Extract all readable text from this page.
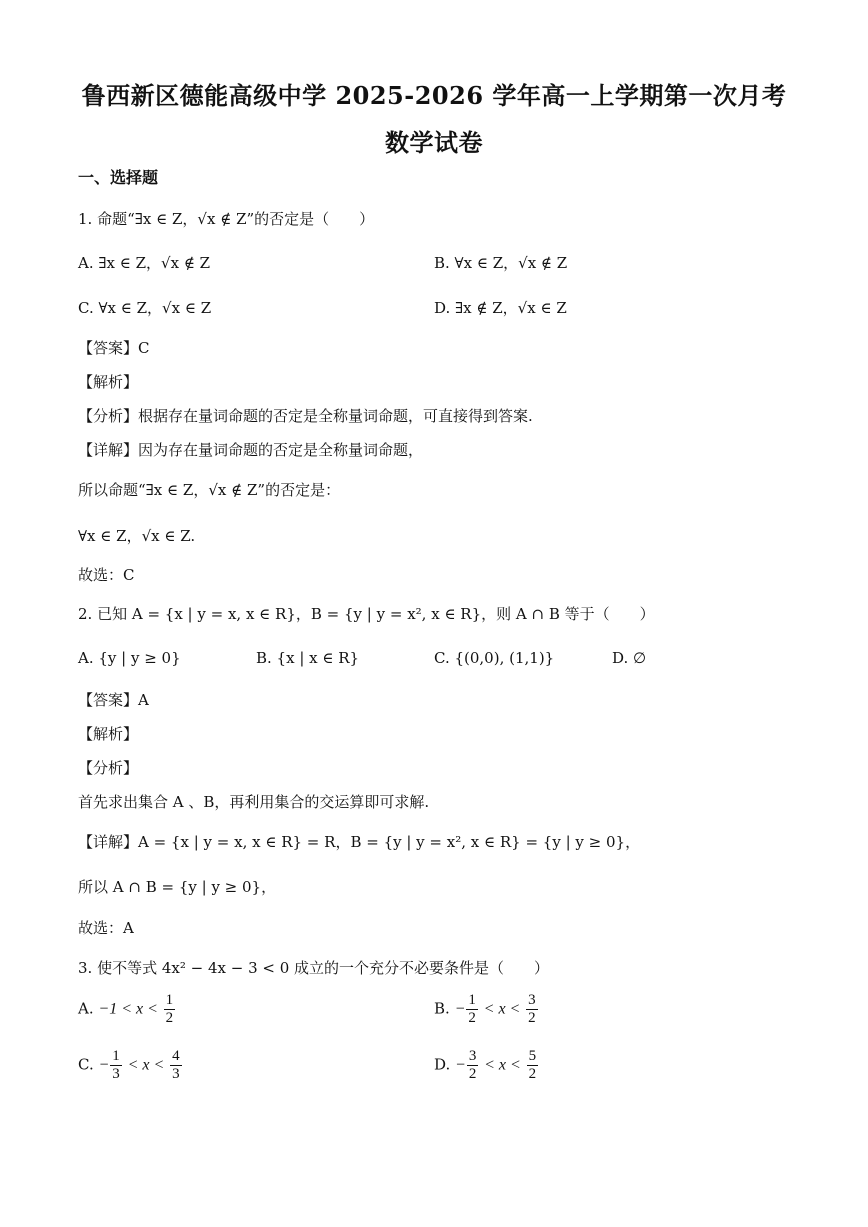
鲁西新区德能高级中学 2025-2026 学年高一上学期第一次月考
数学试卷
一、选择题
1. 命题“∃x ∈ Z，√x ∉ Z”的否定是（　　）
A. ∃x ∈ Z，√x ∉ Z	B. ∀x ∈ Z，√x ∉ Z
C. ∀x ∈ Z，√x ∈ Z	D. ∃x ∉ Z，√x ∈ Z
【答案】C
【解析】
【分析】根据存在量词命题的否定是全称量词命题，可直接得到答案.
【详解】因为存在量词命题的否定是全称量词命题，
所以命题“∃x ∈ Z，√x ∉ Z”的否定是：
∀x ∈ Z，√x ∈ Z.
故选：C
2. 已知 A = {x | y = x, x ∈ R}，B = {y | y = x², x ∈ R}，则 A ∩ B 等于（　　）
A. {y | y ≥ 0}	B. {x | x ∈ R}	C. {(0,0), (1,1)}	D. ∅
【答案】A
【解析】
【分析】
首先求出集合 A 、B，再利用集合的交运算即可求解.
【详解】A = {x | y = x, x ∈ R} = R，B = {y | y = x², x ∈ R} = {y | y ≥ 0}，
所以 A ∩ B = {y | y ≥ 0}，
故选：A
3. 使不等式 4x² − 4x − 3 < 0 成立的一个充分不必要条件是（　　）
A. $-1 < x < \frac{1}{2}$	B. − $\frac{1}{2} < x < \frac{3}{2}$
C. − $\frac{1}{3} < x < \frac{4}{3}$	D. − $\frac{3}{2} < x < \frac{5}{2}$
